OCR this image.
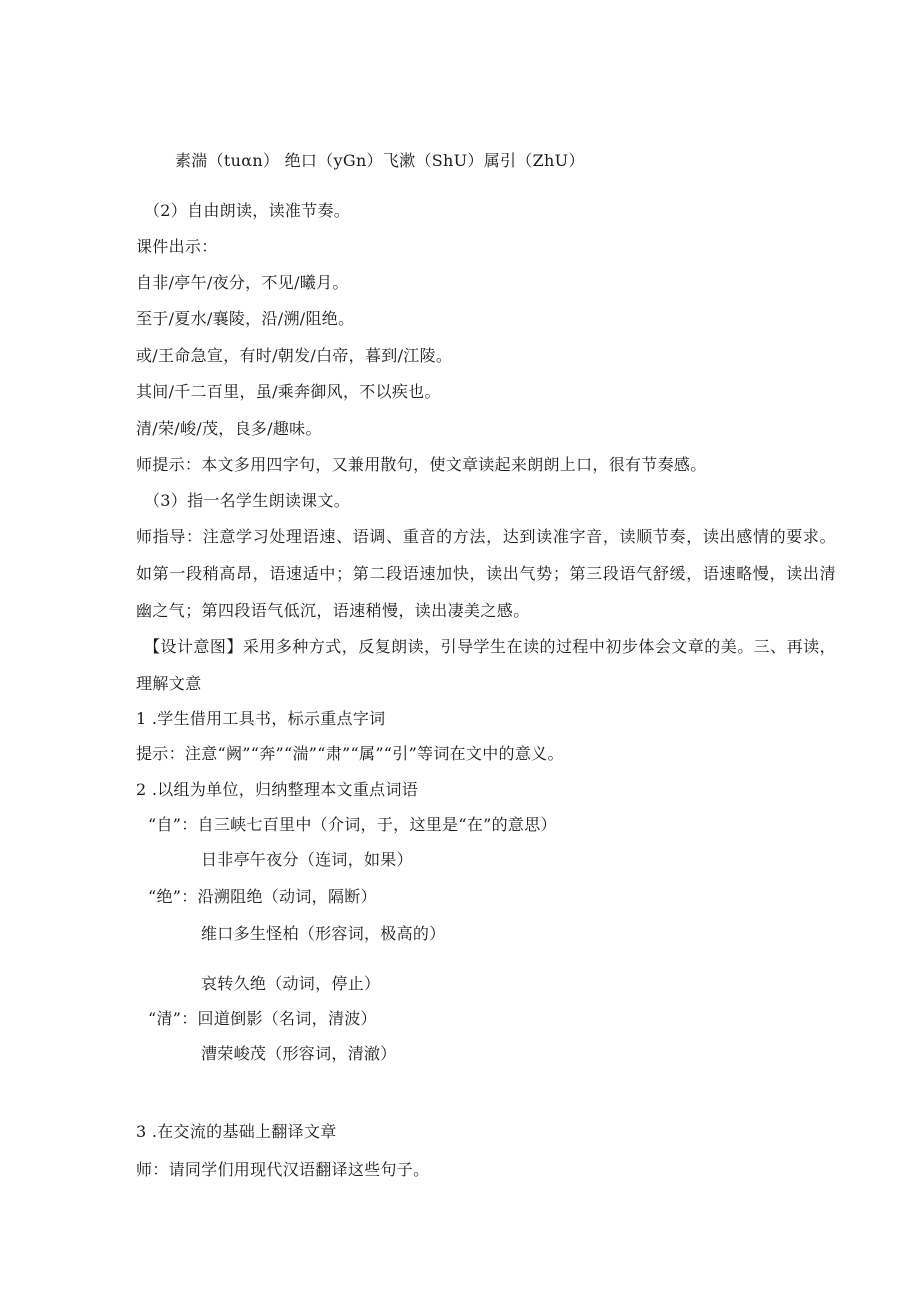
素湍（tuαn） 绝口（yGn）飞漱（ShU）属引（ZhU）
（2）自由朗读，读准节奏。
课件出示：
自非/亭午/夜分，不见/曦月。
至于/夏水/襄陵，沿/溯/阻绝。
或/王命急宣，有时/朝发/白帝，暮到/江陵。
其间/千二百里，虽/乘奔御风，不以疾也。
清/荣/峻/茂，良多/趣味。
师提示：本文多用四字句，又兼用散句，使文章读起来朗朗上口，很有节奏感。
（3）指一名学生朗读课文。
师指导：注意学习处理语速、语调、重音的方法，达到读准字音，读顺节奏，读出感情的要求。如第一段稍高昂，语速适中；第二段语速加快，读出气势；第三段语气舒缓，语速略慢，读出清幽之气；第四段语气低沉，语速稍慢，读出凄美之感。
【设计意图】采用多种方式，反复朗读，引导学生在读的过程中初步体会文章的美。三、再读，理解文意
1 .学生借用工具书，标示重点字词
提示：注意“阙”“奔”“湍”“肃”“属”“引”等词在文中的意义。
2 .以组为单位，归纳整理本文重点词语
“自”：自三峡七百里中（介词，于，这里是“在”的意思）
日非亭午夜分（连词，如果）
“绝”：沿溯阻绝（动词，隔断）
维口多生怪柏（形容词，极高的）
哀转久绝（动词，停止）
“清”：回道倒影（名词，清波）
漕荣峻茂（形容词，清澈）
3 .在交流的基础上翻译文章
师：请同学们用现代汉语翻译这些句子。
